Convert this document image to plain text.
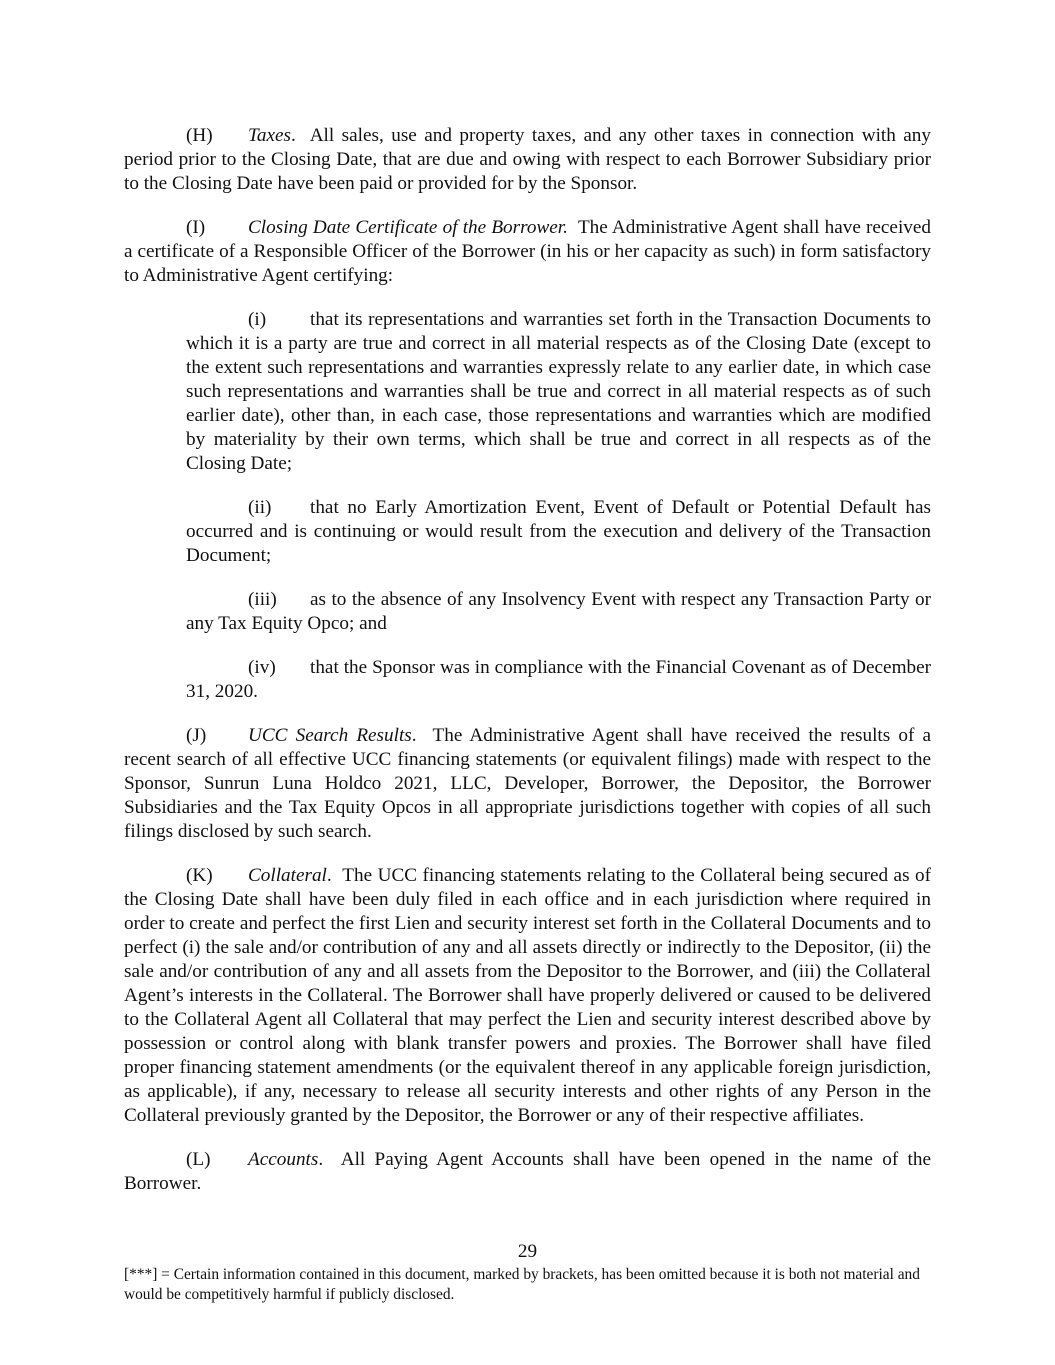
(H) Taxes. All sales, use and property taxes, and any other taxes in connection with any period prior to the Closing Date, that are due and owing with respect to each Borrower Subsidiary prior to the Closing Date have been paid or provided for by the Sponsor.

(I) Closing Date Certificate of the Borrower. The Administrative Agent shall have received a certificate of a Responsible Officer of the Borrower (in his or her capacity as such) in form satisfactory to Administrative Agent certifying:

(i) that its representations and warranties set forth in the Transaction Documents to which it is a party are true and correct in all material respects as of the Closing Date (except to the extent such representations and warranties expressly relate to any earlier date, in which case such representations and warranties shall be true and correct in all material respects as of such earlier date), other than, in each case, those representations and warranties which are modified by materiality by their own terms, which shall be true and correct in all respects as of the Closing Date;

(ii) that no Early Amortization Event, Event of Default or Potential Default has occurred and is continuing or would result from the execution and delivery of the Transaction Document;

(iii) as to the absence of any Insolvency Event with respect any Transaction Party or any Tax Equity Opco; and

(iv) that the Sponsor was in compliance with the Financial Covenant as of December 31, 2020.

(J) UCC Search Results. The Administrative Agent shall have received the results of a recent search of all effective UCC financing statements (or equivalent filings) made with respect to the Sponsor, Sunrun Luna Holdco 2021, LLC, Developer, Borrower, the Depositor, the Borrower Subsidiaries and the Tax Equity Opcos in all appropriate jurisdictions together with copies of all such filings disclosed by such search.

(K) Collateral. The UCC financing statements relating to the Collateral being secured as of the Closing Date shall have been duly filed in each office and in each jurisdiction where required in order to create and perfect the first Lien and security interest set forth in the Collateral Documents and to perfect (i) the sale and/or contribution of any and all assets directly or indirectly to the Depositor, (ii) the sale and/or contribution of any and all assets from the Depositor to the Borrower, and (iii) the Collateral Agent’s interests in the Collateral. The Borrower shall have properly delivered or caused to be delivered to the Collateral Agent all Collateral that may perfect the Lien and security interest described above by possession or control along with blank transfer powers and proxies. The Borrower shall have filed proper financing statement amendments (or the equivalent thereof in any applicable foreign jurisdiction, as applicable), if any, necessary to release all security interests and other rights of any Person in the Collateral previously granted by the Depositor, the Borrower or any of their respective affiliates.

(L) Accounts. All Paying Agent Accounts shall have been opened in the name of the Borrower.

29
[***] = Certain information contained in this document, marked by brackets, has been omitted because it is both not material and would be competitively harmful if publicly disclosed.
